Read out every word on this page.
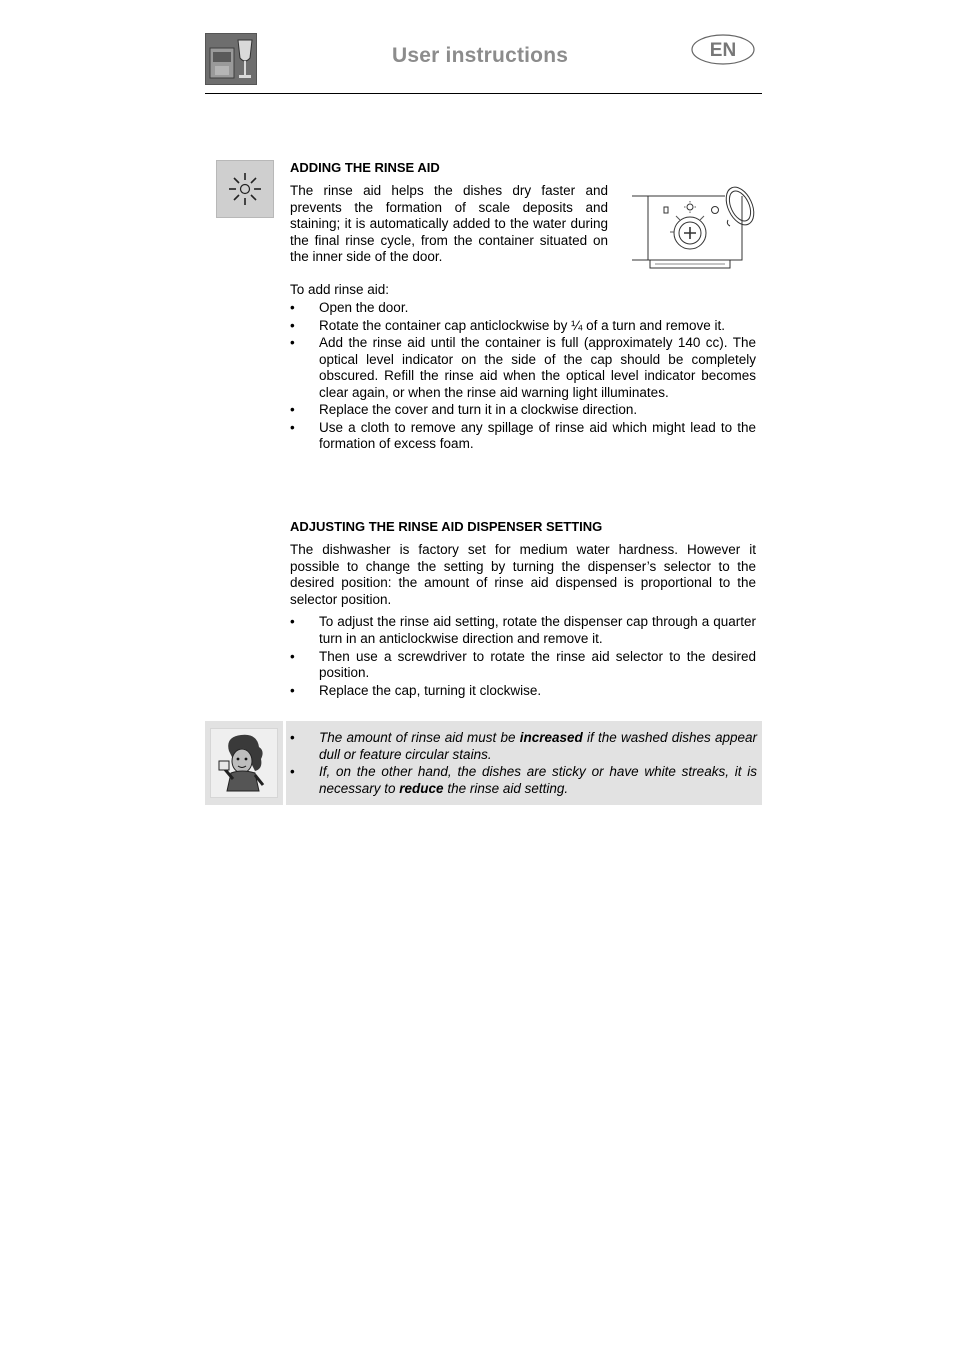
User instructions	EN
ADDING THE RINSE AID

The rinse aid helps the dishes dry faster and prevents the formation of scale deposits and staining; it is automatically added to the water during the final rinse cycle, from the container situated on the inner side of the door.

To add rinse aid:

• Open the door.
• Rotate the container cap anticlockwise by ¼ of a turn and remove it.
• Add the rinse aid until the container is full (approximately 140 cc). The optical level indicator on the side of the cap should be completely obscured. Refill the rinse aid when the optical level indicator becomes clear again, or when the rinse aid warning light illuminates.
• Replace the cover and turn it in a clockwise direction.
• Use a cloth to remove any spillage of rinse aid which might lead to the formation of excess foam.
ADJUSTING THE RINSE AID DISPENSER SETTING

The dishwasher is factory set for medium water hardness. However it possible to change the setting by turning the dispenser’s selector to the desired position: the amount of rinse aid dispensed is proportional to the selector position.

• To adjust the rinse aid setting, rotate the dispenser cap through a quarter turn in an anticlockwise direction and remove it.
• Then use a screwdriver to rotate the rinse aid selector to the desired position.
• Replace the cap, turning it clockwise.
• The amount of rinse aid must be increased if the washed dishes appear dull or feature circular stains.
• If, on the other hand, the dishes are sticky or have white streaks, it is necessary to reduce the rinse aid setting.
